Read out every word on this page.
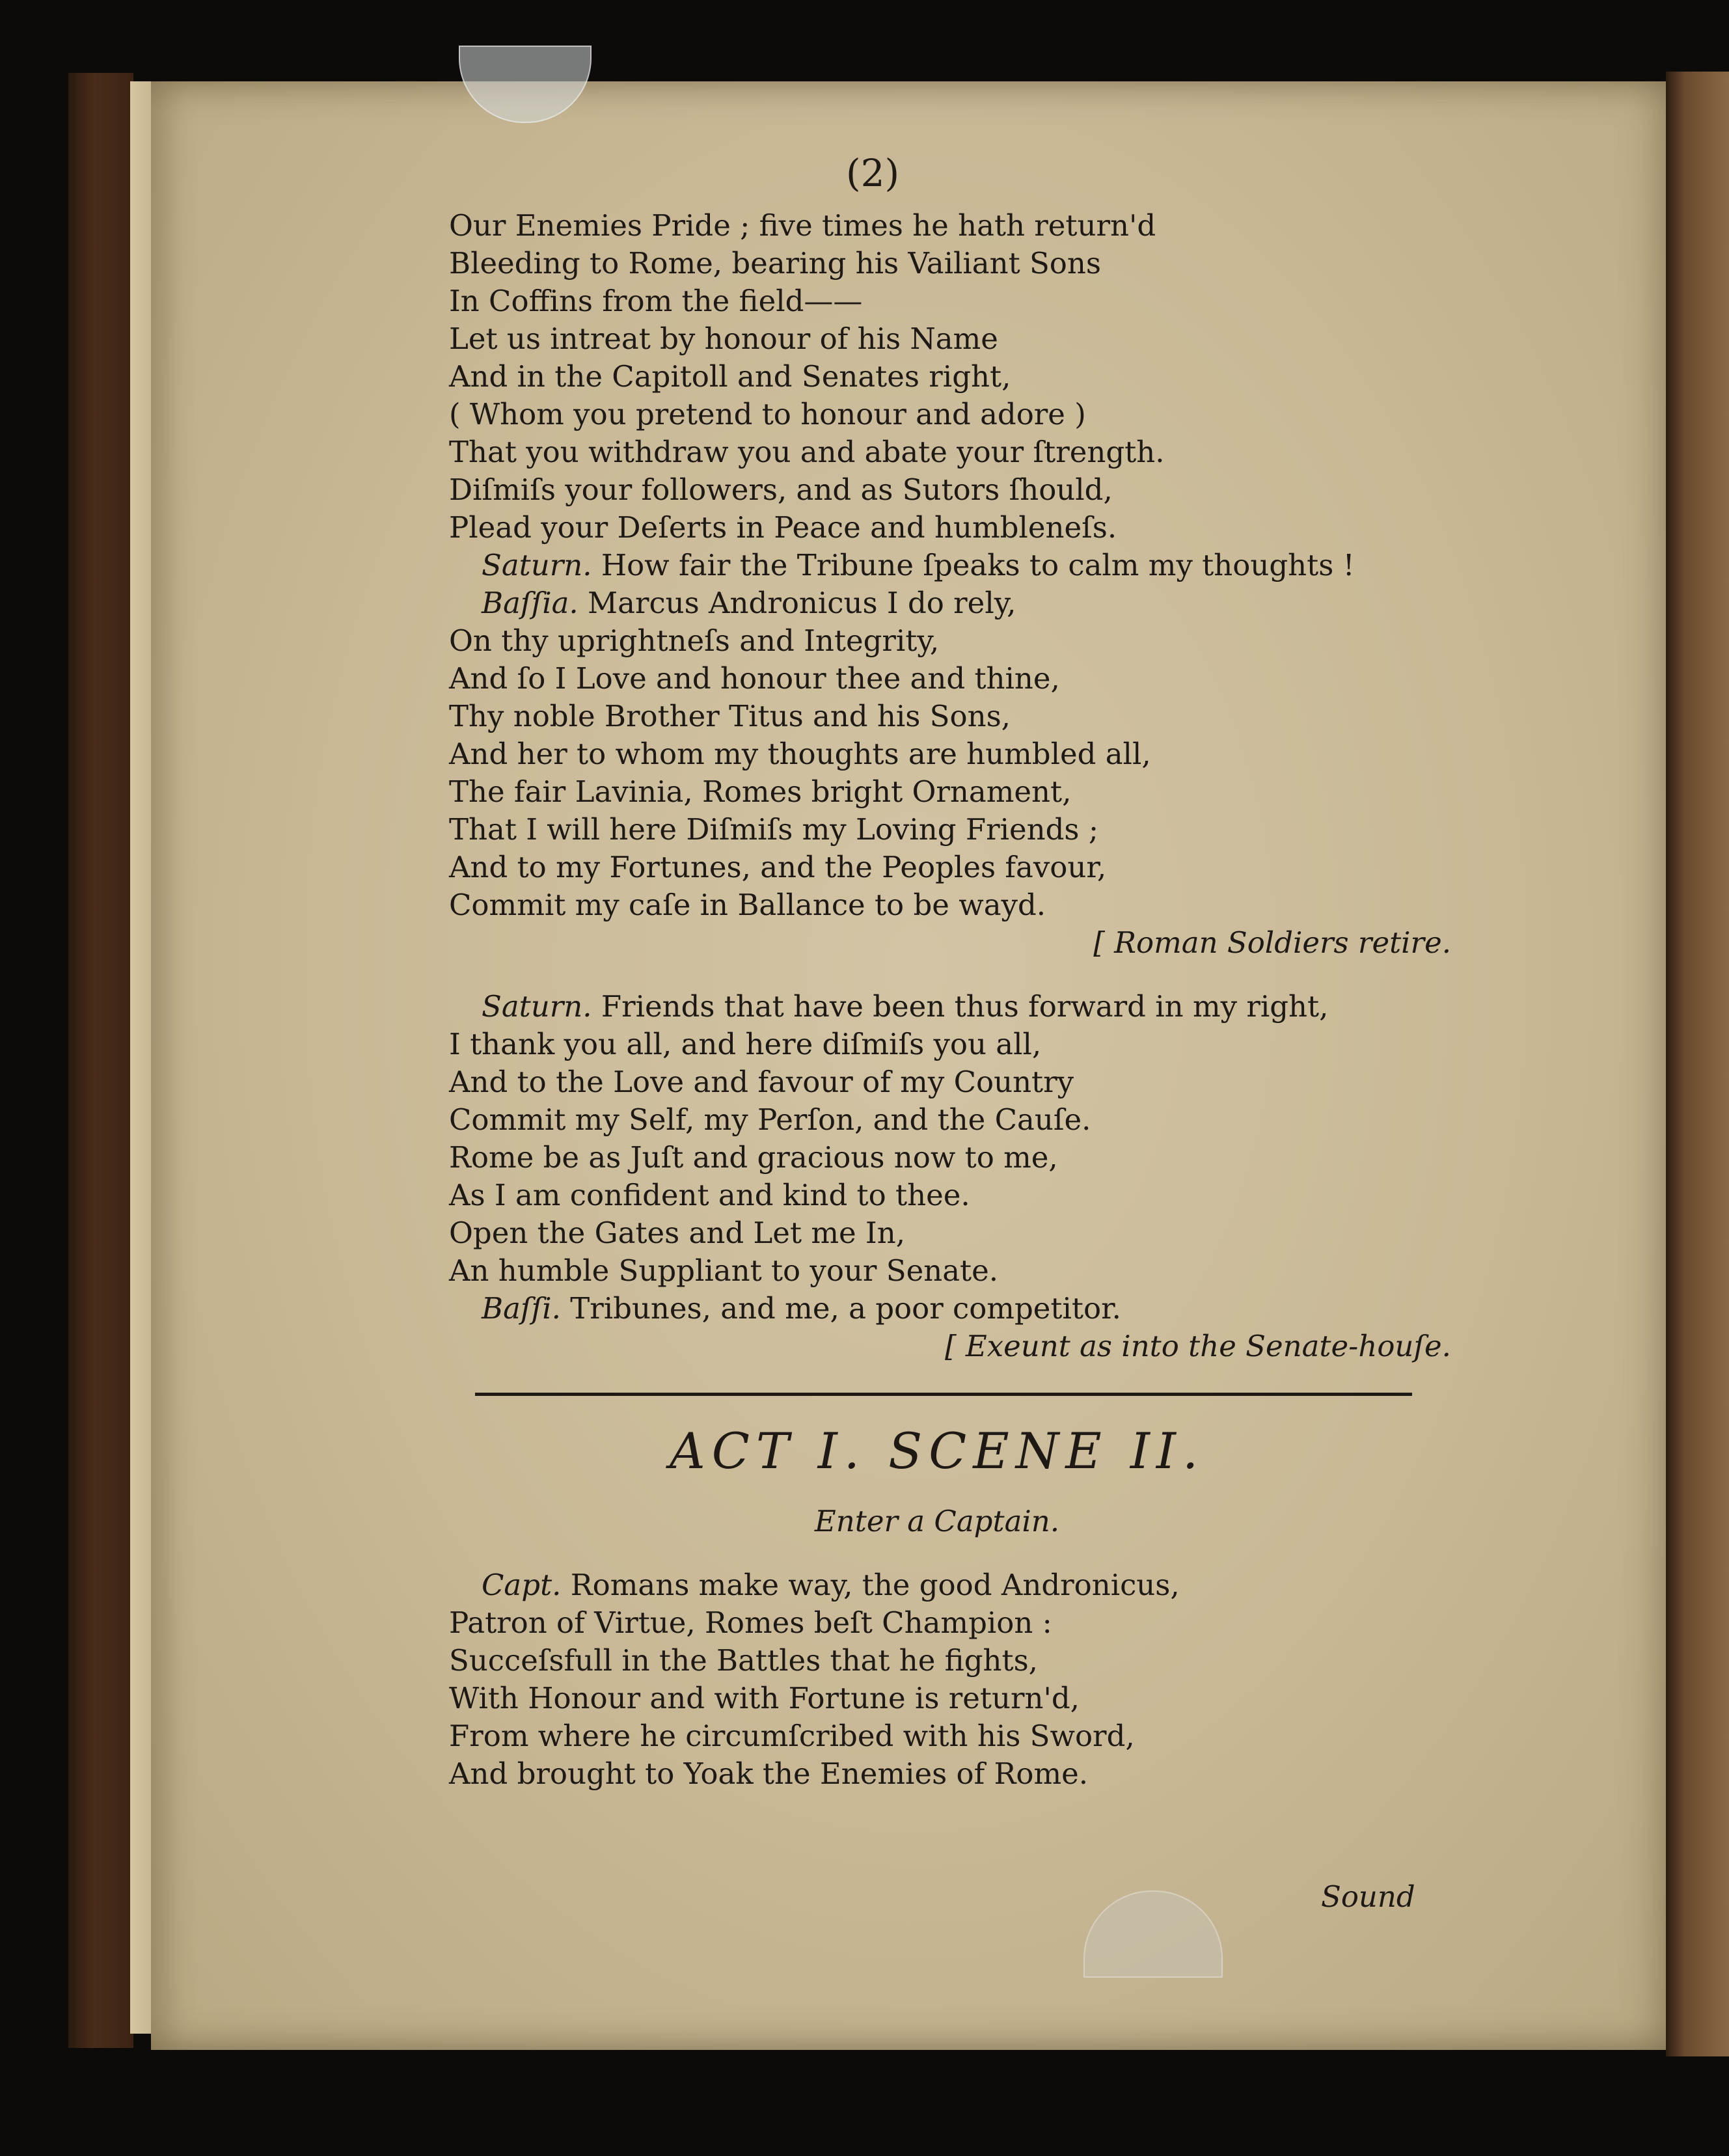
(2)
Our Enemies Pride ; five times he hath return'd
Bleeding to Rome, bearing his Vailiant Sons
In Coffins from the field——
Let us intreat by honour of his Name
And in the Capitoll and Senates right,
( Whom you pretend to honour and adore )
That you withdraw you and abate your ſtrength.
Diſmiſs your followers, and as Sutors ſhould,
Plead your Deſerts in Peace and humbleneſs.
Saturn. How fair the Tribune ſpeaks to calm my thoughts !
Baſſia. Marcus Andronicus I do rely,
On thy uprightneſs and Integrity,
And ſo I Love and honour thee and thine,
Thy noble Brother Titus and his Sons,
And her to whom my thoughts are humbled all,
The fair Lavinia, Romes bright Ornament,
That I will here Diſmiſs my Loving Friends ;
And to my Fortunes, and the Peoples favour,
Commit my caſe in Ballance to be wayd.
[ Roman Soldiers retire.
Saturn. Friends that have been thus forward in my right,
I thank you all, and here diſmiſs you all,
And to the Love and favour of my Country
Commit my Self, my Perſon, and the Cauſe.
Rome be as Juſt and gracious now to me,
As I am confident and kind to thee.
Open the Gates and Let me In,
An humble Suppliant to your Senate.
Baſſi. Tribunes, and me, a poor competitor.
[ Exeunt as into the Senate-houſe.
ACT I. SCENE II.
Enter a Captain.
Capt. Romans make way, the good Andronicus,
Patron of Virtue, Romes beſt Champion :
Succeſsfull in the Battles that he fights,
With Honour and with Fortune is return'd,
From where he circumſcribed with his Sword,
And brought to Yoak the Enemies of Rome.
Sound
